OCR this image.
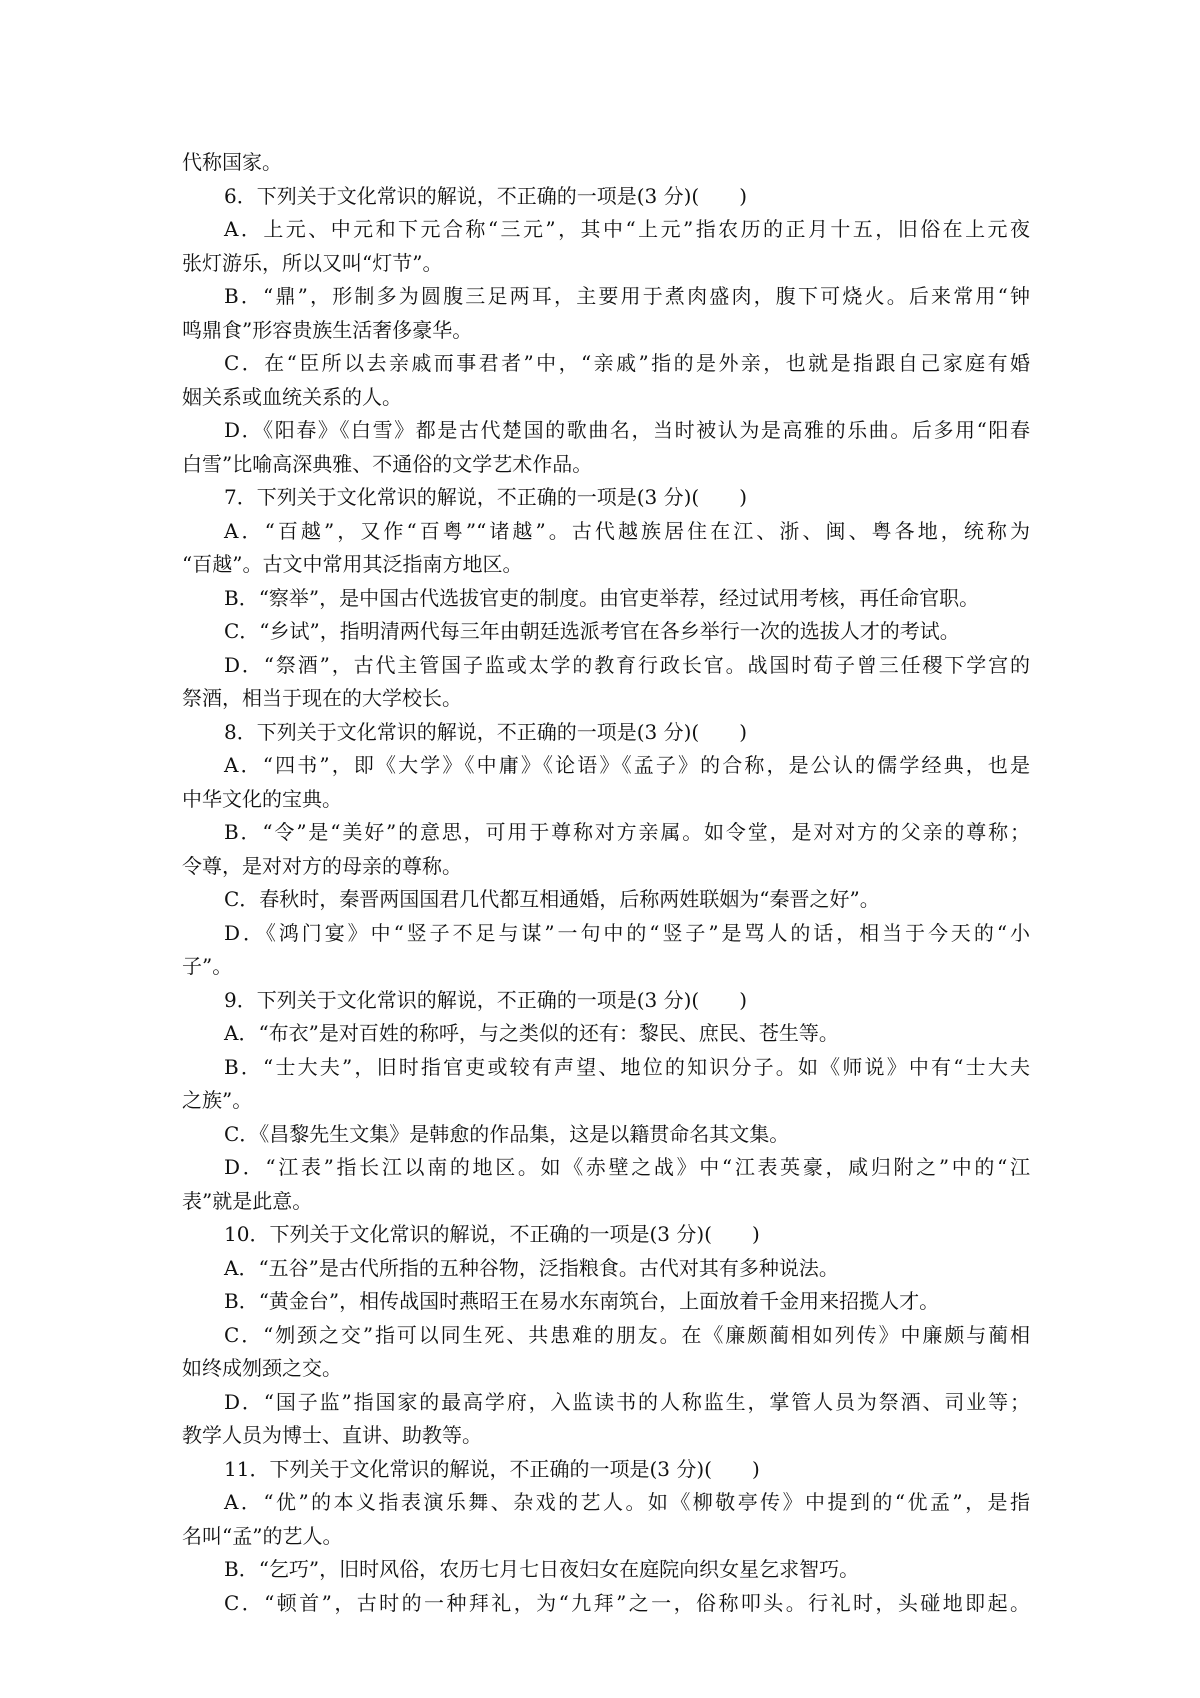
代称国家。
6．下列关于文化常识的解说，不正确的一项是(3 分)(　　)
A．上元、中元和下元合称“三元”，其中“上元”指农历的正月十五，旧俗在上元夜
张灯游乐，所以又叫“灯节”。
B．“鼎”，形制多为圆腹三足两耳，主要用于煮肉盛肉，腹下可烧火。后来常用“钟
鸣鼎食”形容贵族生活奢侈豪华。
C．在“臣所以去亲戚而事君者”中，“亲戚”指的是外亲，也就是指跟自己家庭有婚
姻关系或血统关系的人。
D．《阳春》《白雪》都是古代楚国的歌曲名，当时被认为是高雅的乐曲。后多用“阳春
白雪”比喻高深典雅、不通俗的文学艺术作品。
7．下列关于文化常识的解说，不正确的一项是(3 分)(　　)
A．“百越”，又作“百粤”“诸越”。古代越族居住在江、浙、闽、粤各地，统称为
“百越”。古文中常用其泛指南方地区。
B．“察举”，是中国古代选拔官吏的制度。由官吏举荐，经过试用考核，再任命官职。
C．“乡试”，指明清两代每三年由朝廷选派考官在各乡举行一次的选拔人才的考试。
D．“祭酒”，古代主管国子监或太学的教育行政长官。战国时荀子曾三任稷下学宫的
祭酒，相当于现在的大学校长。
8．下列关于文化常识的解说，不正确的一项是(3 分)(　　)
A．“四书”，即《大学》《中庸》《论语》《孟子》的合称，是公认的儒学经典，也是
中华文化的宝典。
B．“令”是“美好”的意思，可用于尊称对方亲属。如令堂，是对对方的父亲的尊称；
令尊，是对对方的母亲的尊称。
C．春秋时，秦晋两国国君几代都互相通婚，后称两姓联姻为“秦晋之好”。
D．《鸿门宴》中“竖子不足与谋”一句中的“竖子”是骂人的话，相当于今天的“小
子”。
9．下列关于文化常识的解说，不正确的一项是(3 分)(　　)
A．“布衣”是对百姓的称呼，与之类似的还有：黎民、庶民、苍生等。
B．“士大夫”，旧时指官吏或较有声望、地位的知识分子。如《师说》中有“士大夫
之族”。
C．《昌黎先生文集》是韩愈的作品集，这是以籍贯命名其文集。
D．“江表”指长江以南的地区。如《赤壁之战》中“江表英豪，咸归附之”中的“江
表”就是此意。
10．下列关于文化常识的解说，不正确的一项是(3 分)(　　)
A．“五谷”是古代所指的五种谷物，泛指粮食。古代对其有多种说法。
B．“黄金台”，相传战国时燕昭王在易水东南筑台，上面放着千金用来招揽人才。
C．“刎颈之交”指可以同生死、共患难的朋友。在《廉颇蔺相如列传》中廉颇与蔺相
如终成刎颈之交。
D．“国子监”指国家的最高学府，入监读书的人称监生，掌管人员为祭酒、司业等；
教学人员为博士、直讲、助教等。
11．下列关于文化常识的解说，不正确的一项是(3 分)(　　)
A．“优”的本义指表演乐舞、杂戏的艺人。如《柳敬亭传》中提到的“优孟”，是指
名叫“孟”的艺人。
B．“乞巧”，旧时风俗，农历七月七日夜妇女在庭院向织女星乞求智巧。
C．“顿首”，古时的一种拜礼，为“九拜”之一，俗称叩头。行礼时，头碰地即起。
